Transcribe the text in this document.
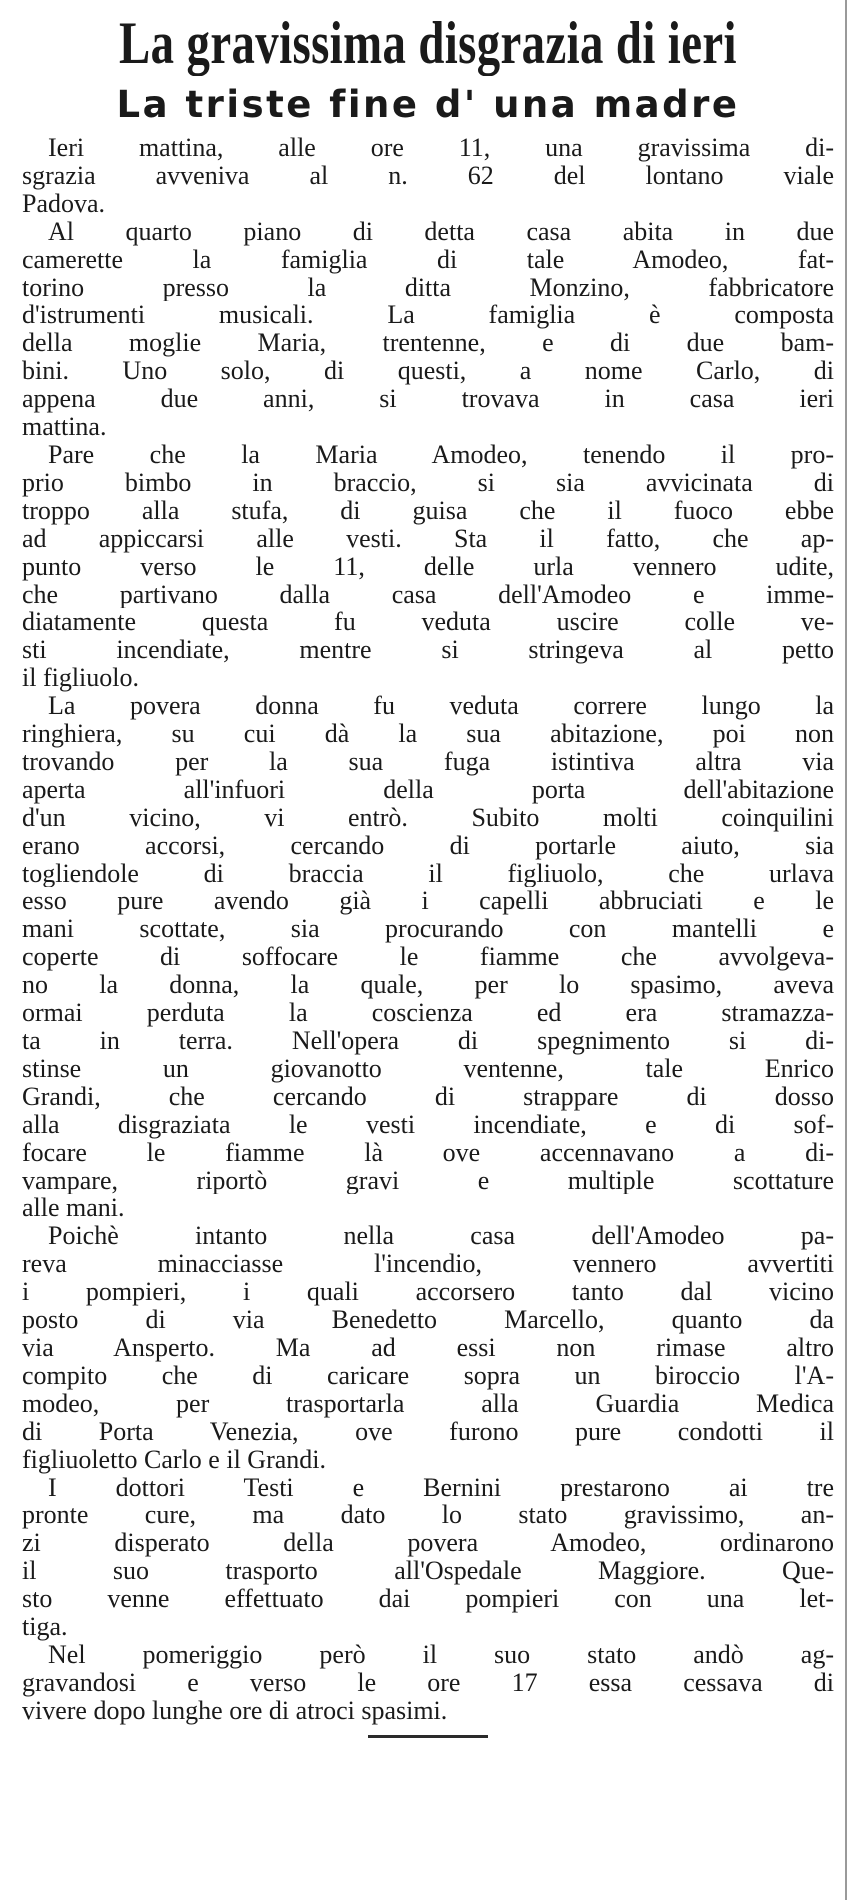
La gravissima disgrazia di ieri
La triste fine d' una madre

Ieri mattina, alle ore 11, una gravissima di-
sgrazia avveniva al n. 62 del lontano viale
Padova.

Al quarto piano di detta casa abita in due
camerette la famiglia di tale Amodeo, fat-
torino presso la ditta Monzino, fabbricatore
d'istrumenti musicali. La famiglia è composta
della moglie Maria, trentenne, e di due bam-
bini. Uno solo, di questi, a nome Carlo, di
appena due anni, si trovava in casa ieri
mattina.

Pare che la Maria Amodeo, tenendo il pro-
prio bimbo in braccio, si sia avvicinata di
troppo alla stufa, di guisa che il fuoco ebbe
ad appiccarsi alle vesti. Sta il fatto, che ap-
punto verso le 11, delle urla vennero udite,
che partivano dalla casa dell'Amodeo e imme-
diatamente questa fu veduta uscire colle ve-
sti incendiate, mentre si stringeva al petto
il figliuolo.

La povera donna fu veduta correre lungo la
ringhiera, su cui dà la sua abitazione, poi non
trovando per la sua fuga istintiva altra via
aperta all'infuori della porta dell'abitazione
d'un vicino, vi entrò. Subito molti coinquilini
erano accorsi, cercando di portarle aiuto, sia
togliendole di braccia il figliuolo, che urlava
esso pure avendo già i capelli abbruciati e le
mani scottate, sia procurando con mantelli e
coperte di soffocare le fiamme che avvolgeva-
no la donna, la quale, per lo spasimo, aveva
ormai perduta la coscienza ed era stramazza-
ta in terra. Nell'opera di spegnimento si di-
stinse un giovanotto ventenne, tale Enrico
Grandi, che cercando di strappare di dosso
alla disgraziata le vesti incendiate, e di sof-
focare le fiamme là ove accennavano a di-
vampare, riportò gravi e multiple scottature
alle mani.

Poichè intanto nella casa dell'Amodeo pa-
reva minacciasse l'incendio, vennero avvertiti
i pompieri, i quali accorsero tanto dal vicino
posto di via Benedetto Marcello, quanto da
via Ansperto. Ma ad essi non rimase altro
compito che di caricare sopra un biroccio l'A-
modeo, per trasportarla alla Guardia Medica
di Porta Venezia, ove furono pure condotti il
figliuoletto Carlo e il Grandi.

I dottori Testi e Bernini prestarono ai tre
pronte cure, ma dato lo stato gravissimo, an-
zi disperato della povera Amodeo, ordinarono
il suo trasporto all'Ospedale Maggiore. Que-
sto venne effettuato dai pompieri con una let-
tiga.

Nel pomeriggio però il suo stato andò ag-
gravandosi e verso le ore 17 essa cessava di
vivere dopo lunghe ore di atroci spasimi.
